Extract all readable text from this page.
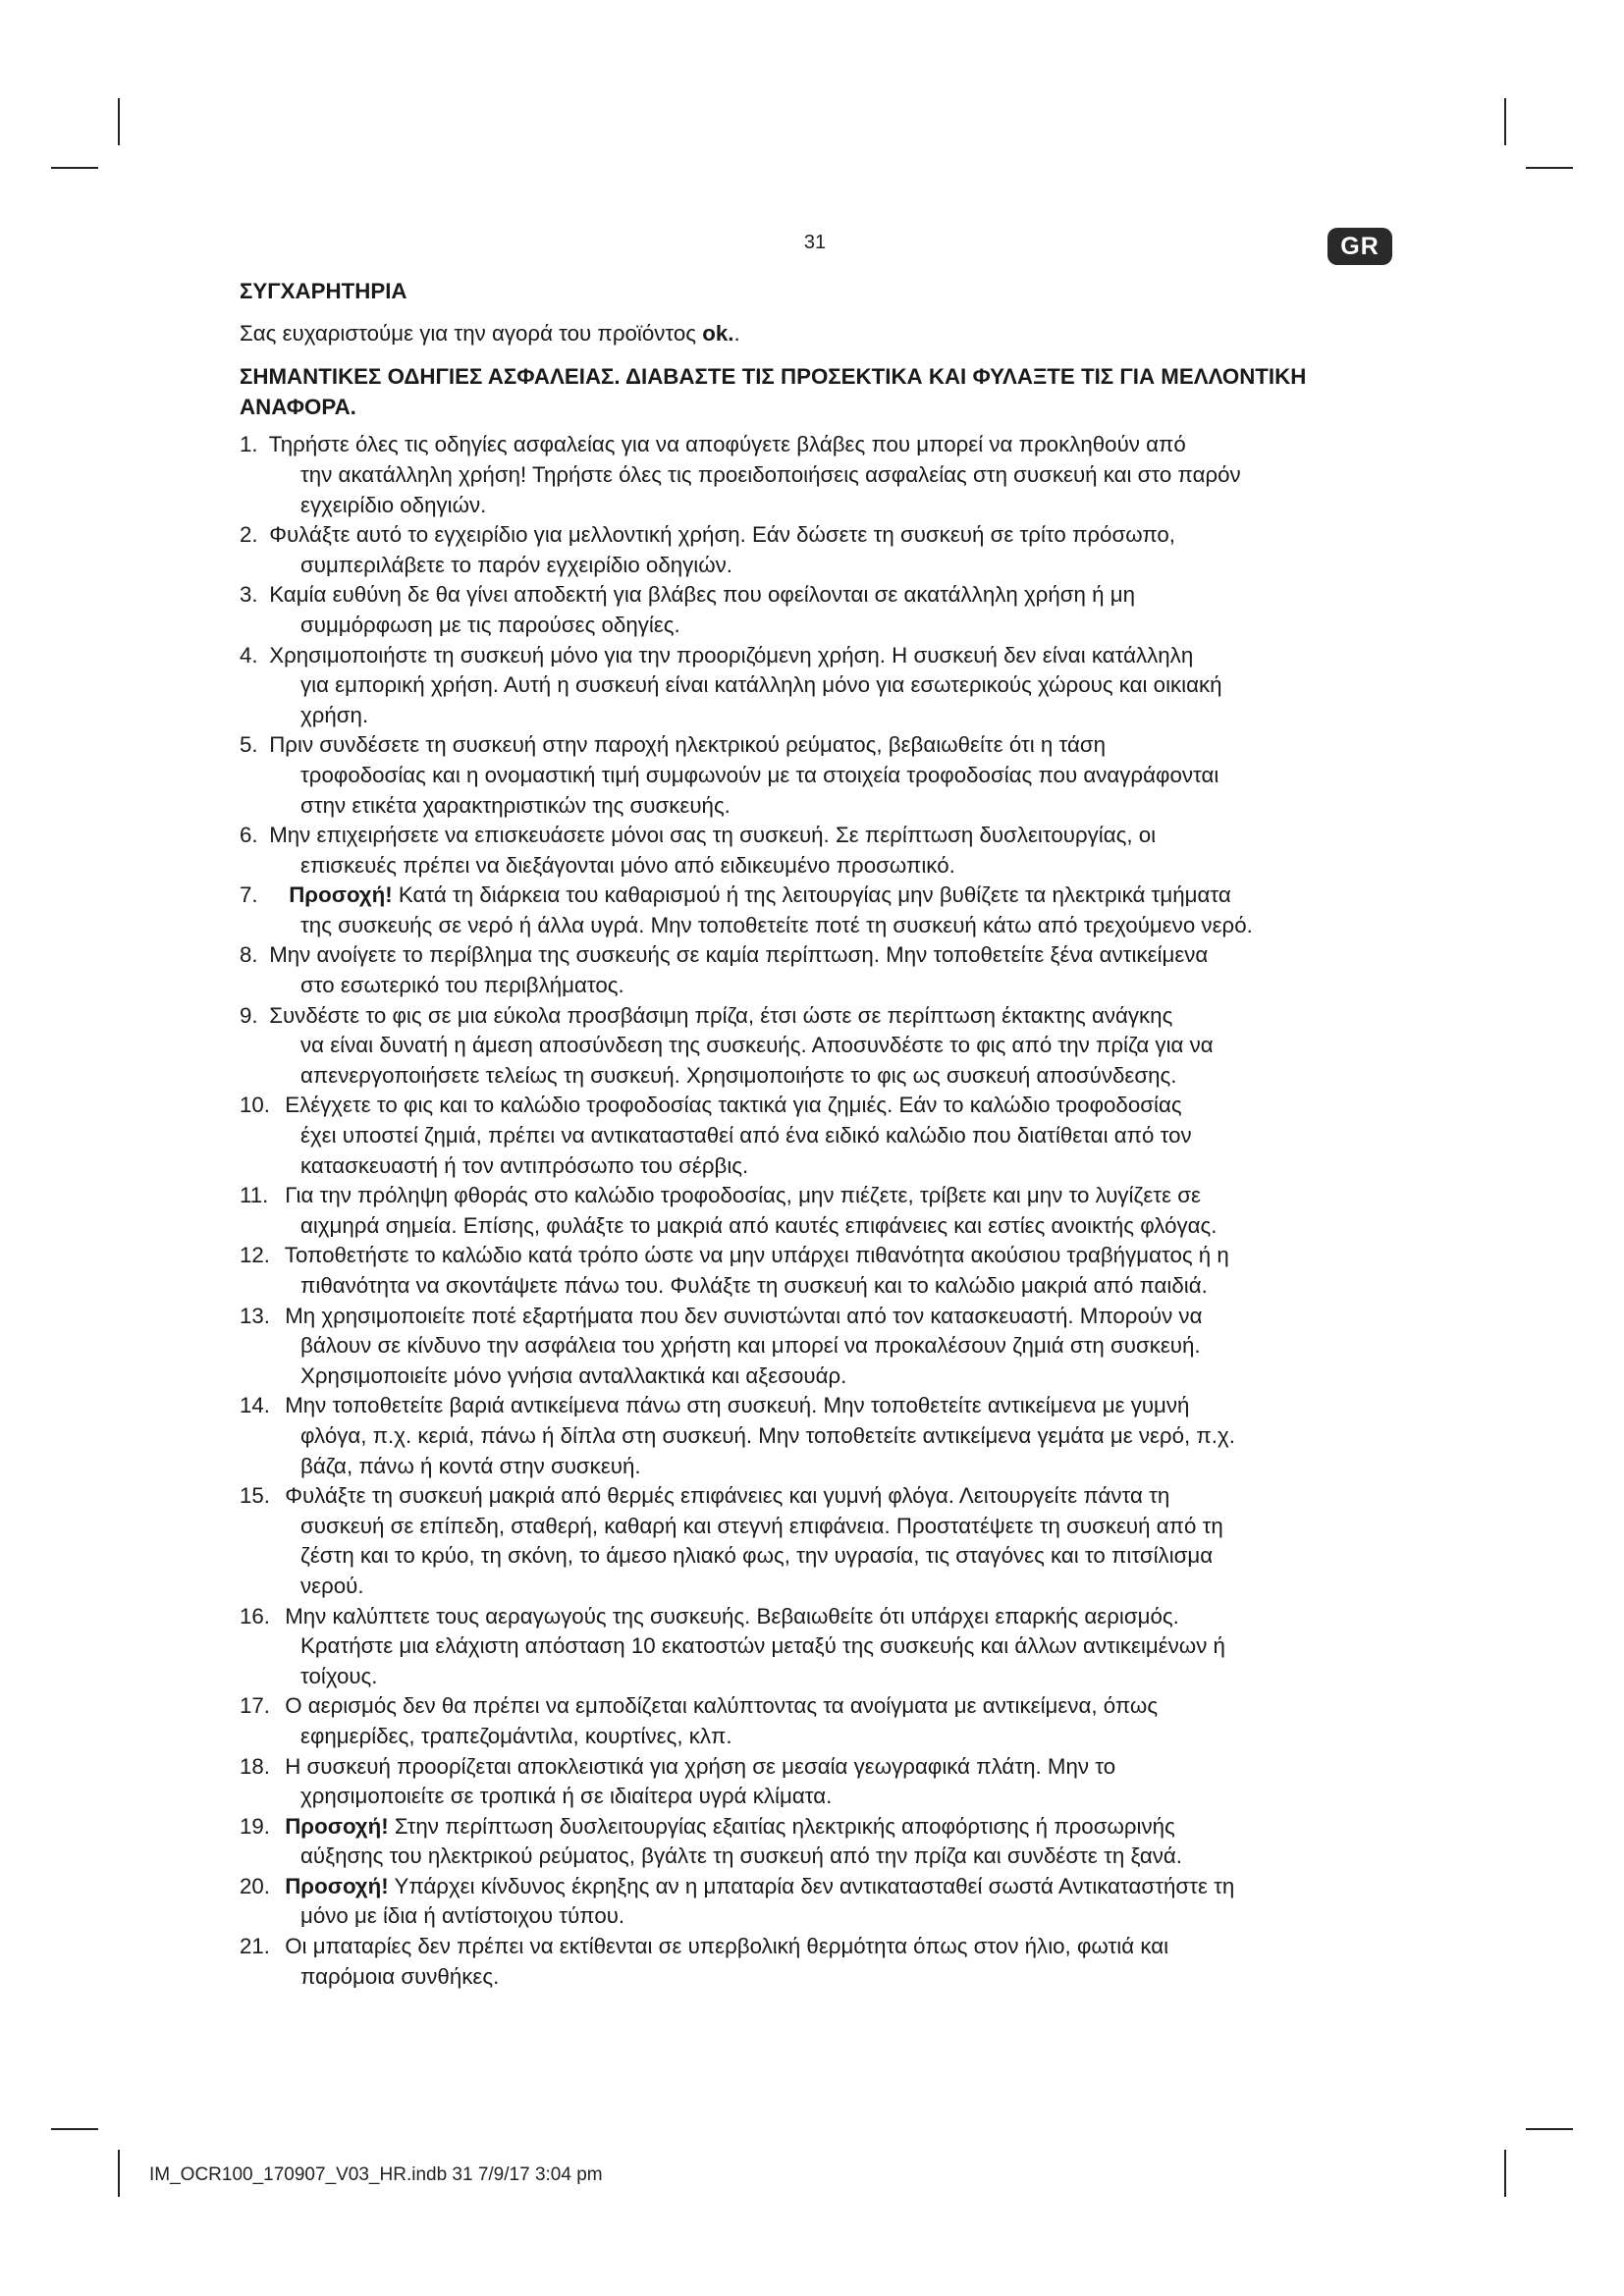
31	GR

ΣΥΓΧΑΡΗΤΗΡΙΑ

Σας ευχαριστούμε για την αγορά του προϊόντος ok..

ΣΗΜΑΝΤΙΚΕΣ ΟΔΗΓΙΕΣ ΑΣΦΑΛΕΙΑΣ. ΔΙΑΒΑΣΤΕ ΤΙΣ ΠΡΟΣΕΚΤΙΚΑ ΚΑΙ ΦΥΛΑΞΤΕ ΤΙΣ ΓΙΑ ΜΕΛΛΟΝΤΙΚΗ ΑΝΑΦΟΡΑ.

1. Τηρήστε όλες τις οδηγίες ασφαλείας για να αποφύγετε βλάβες που μπορεί να προκληθούν από
την ακατάλληλη χρήση! Τηρήστε όλες τις προειδοποιήσεις ασφαλείας στη συσκευή και στο παρόν
εγχειρίδιο οδηγιών.
2. Φυλάξτε αυτό το εγχειρίδιο για μελλοντική χρήση. Εάν δώσετε τη συσκευή σε τρίτο πρόσωπο,
συμπεριλάβετε το παρόν εγχειρίδιο οδηγιών.
3. Καμία ευθύνη δε θα γίνει αποδεκτή για βλάβες που οφείλονται σε ακατάλληλη χρήση ή μη
συμμόρφωση με τις παρούσες οδηγίες.
4. Χρησιμοποιήστε τη συσκευή μόνο για την προοριζόμενη χρήση. Η συσκευή δεν είναι κατάλληλη
για εμπορική χρήση. Αυτή η συσκευή είναι κατάλληλη μόνο για εσωτερικούς χώρους και οικιακή
χρήση.
5. Πριν συνδέσετε τη συσκευή στην παροχή ηλεκτρικού ρεύματος, βεβαιωθείτε ότι η τάση
τροφοδοσίας και η ονομαστική τιμή συμφωνούν με τα στοιχεία τροφοδοσίας που αναγράφονται
στην ετικέτα χαρακτηριστικών της συσκευής.
6. Μην επιχειρήσετε να επισκευάσετε μόνοι σας τη συσκευή. Σε περίπτωση δυσλειτουργίας, οι
επισκευές πρέπει να διεξάγονται μόνο από ειδικευμένο προσωπικό.
7. Προσοχή! Κατά τη διάρκεια του καθαρισμού ή της λειτουργίας μην βυθίζετε τα ηλεκτρικά τμήματα
της συσκευής σε νερό ή άλλα υγρά. Μην τοποθετείτε ποτέ τη συσκευή κάτω από τρεχούμενο νερό.
8. Μην ανοίγετε το περίβλημα της συσκευής σε καμία περίπτωση. Μην τοποθετείτε ξένα αντικείμενα
στο εσωτερικό του περιβλήματος.
9. Συνδέστε το φις σε μια εύκολα προσβάσιμη πρίζα, έτσι ώστε σε περίπτωση έκτακτης ανάγκης
να είναι δυνατή η άμεση αποσύνδεση της συσκευής. Αποσυνδέστε το φις από την πρίζα για να
απενεργοποιήσετε τελείως τη συσκευή. Χρησιμοποιήστε το φις ως συσκευή αποσύνδεσης.
10. Ελέγχετε το φις και το καλώδιο τροφοδοσίας τακτικά για ζημιές. Εάν το καλώδιο τροφοδοσίας
έχει υποστεί ζημιά, πρέπει να αντικατασταθεί από ένα ειδικό καλώδιο που διατίθεται από τον
κατασκευαστή ή τον αντιπρόσωπο του σέρβις.
11. Για την πρόληψη φθοράς στο καλώδιο τροφοδοσίας, μην πιέζετε, τρίβετε και μην το λυγίζετε σε
αιχμηρά σημεία. Επίσης, φυλάξτε το μακριά από καυτές επιφάνειες και εστίες ανοικτής φλόγας.
12. Τοποθετήστε το καλώδιο κατά τρόπο ώστε να μην υπάρχει πιθανότητα ακούσιου τραβήγματος ή η
πιθανότητα να σκοντάψετε πάνω του. Φυλάξτε τη συσκευή και το καλώδιο μακριά από παιδιά.
13. Μη χρησιμοποιείτε ποτέ εξαρτήματα που δεν συνιστώνται από τον κατασκευαστή. Μπορούν να
βάλουν σε κίνδυνο την ασφάλεια του χρήστη και μπορεί να προκαλέσουν ζημιά στη συσκευή.
Χρησιμοποιείτε μόνο γνήσια ανταλλακτικά και αξεσουάρ.
14. Μην τοποθετείτε βαριά αντικείμενα πάνω στη συσκευή. Μην τοποθετείτε αντικείμενα με γυμνή
φλόγα, π.χ. κεριά, πάνω ή δίπλα στη συσκευή. Μην τοποθετείτε αντικείμενα γεμάτα με νερό, π.χ.
βάζα, πάνω ή κοντά στην συσκευή.
15. Φυλάξτε τη συσκευή μακριά από θερμές επιφάνειες και γυμνή φλόγα. Λειτουργείτε πάντα τη
συσκευή σε επίπεδη, σταθερή, καθαρή και στεγνή επιφάνεια. Προστατέψετε τη συσκευή από τη
ζέστη και το κρύο, τη σκόνη, το άμεσο ηλιακό φως, την υγρασία, τις σταγόνες και το πιτσίλισμα
νερού.
16. Μην καλύπτετε τους αεραγωγούς της συσκευής. Βεβαιωθείτε ότι υπάρχει επαρκής αερισμός.
Κρατήστε μια ελάχιστη απόσταση 10 εκατοστών μεταξύ της συσκευής και άλλων αντικειμένων ή
τοίχους.
17. Ο αερισμός δεν θα πρέπει να εμποδίζεται καλύπτοντας τα ανοίγματα με αντικείμενα, όπως
εφημερίδες, τραπεζομάντιλα, κουρτίνες, κλπ.
18. Η συσκευή προορίζεται αποκλειστικά για χρήση σε μεσαία γεωγραφικά πλάτη. Μην το
χρησιμοποιείτε σε τροπικά ή σε ιδιαίτερα υγρά κλίματα.
19. Προσοχή! Στην περίπτωση δυσλειτουργίας εξαιτίας ηλεκτρικής αποφόρτισης ή προσωρινής
αύξησης του ηλεκτρικού ρεύματος, βγάλτε τη συσκευή από την πρίζα και συνδέστε τη ξανά.
20. Προσοχή! Υπάρχει κίνδυνος έκρηξης αν η μπαταρία δεν αντικατασταθεί σωστά Αντικαταστήστε τη
μόνο με ίδια ή αντίστοιχου τύπου.
21. Οι μπαταρίες δεν πρέπει να εκτίθενται σε υπερβολική θερμότητα όπως στον ήλιο, φωτιά και
παρόμοια συνθήκες.
IM_OCR100_170907_V03_HR.indb 31 7/9/17 3:04 pm
